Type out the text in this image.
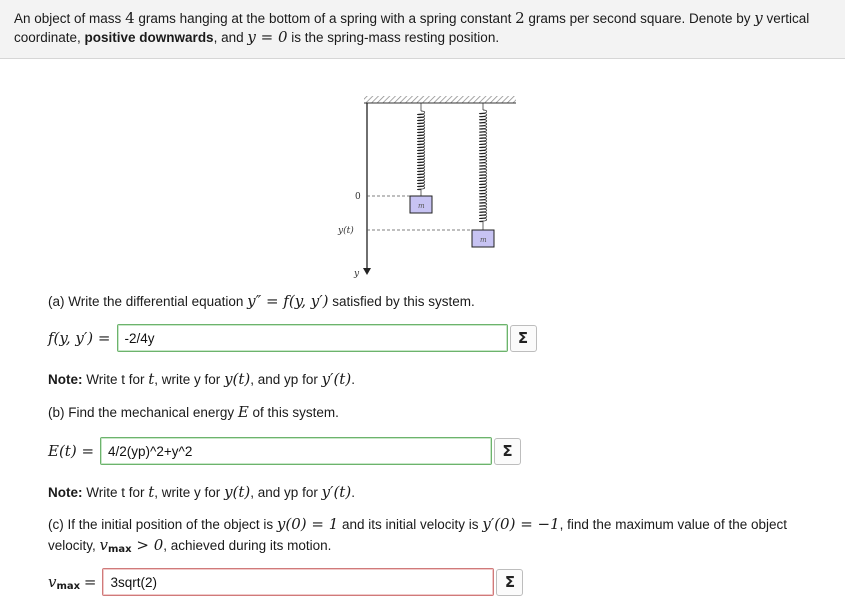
An object of mass 4 grams hanging at the bottom of a spring with a spring constant 2 grams per second square. Denote by y vertical coordinate, positive downwards, and y = 0 is the spring-mass resting position.
0
y(t)
y
m
m
(a) Write the differential equation y″ = f(y, y′) satisfied by this system.
f(y, y′) = -2/4y	Σ
Note: Write t for t, write y for y(t), and yp for y′(t).
(b) Find the mechanical energy E of this system.
E(t) = 4/2(yp)^2+y^2	Σ
Note: Write t for t, write y for y(t), and yp for y′(t).
(c) If the initial position of the object is y(0) = 1 and its initial velocity is y′(0) = −1, find the maximum value of the object velocity, $v_{max} > 0$, achieved during its motion.
$v_{max}$ = 3sqrt(2)	Σ
